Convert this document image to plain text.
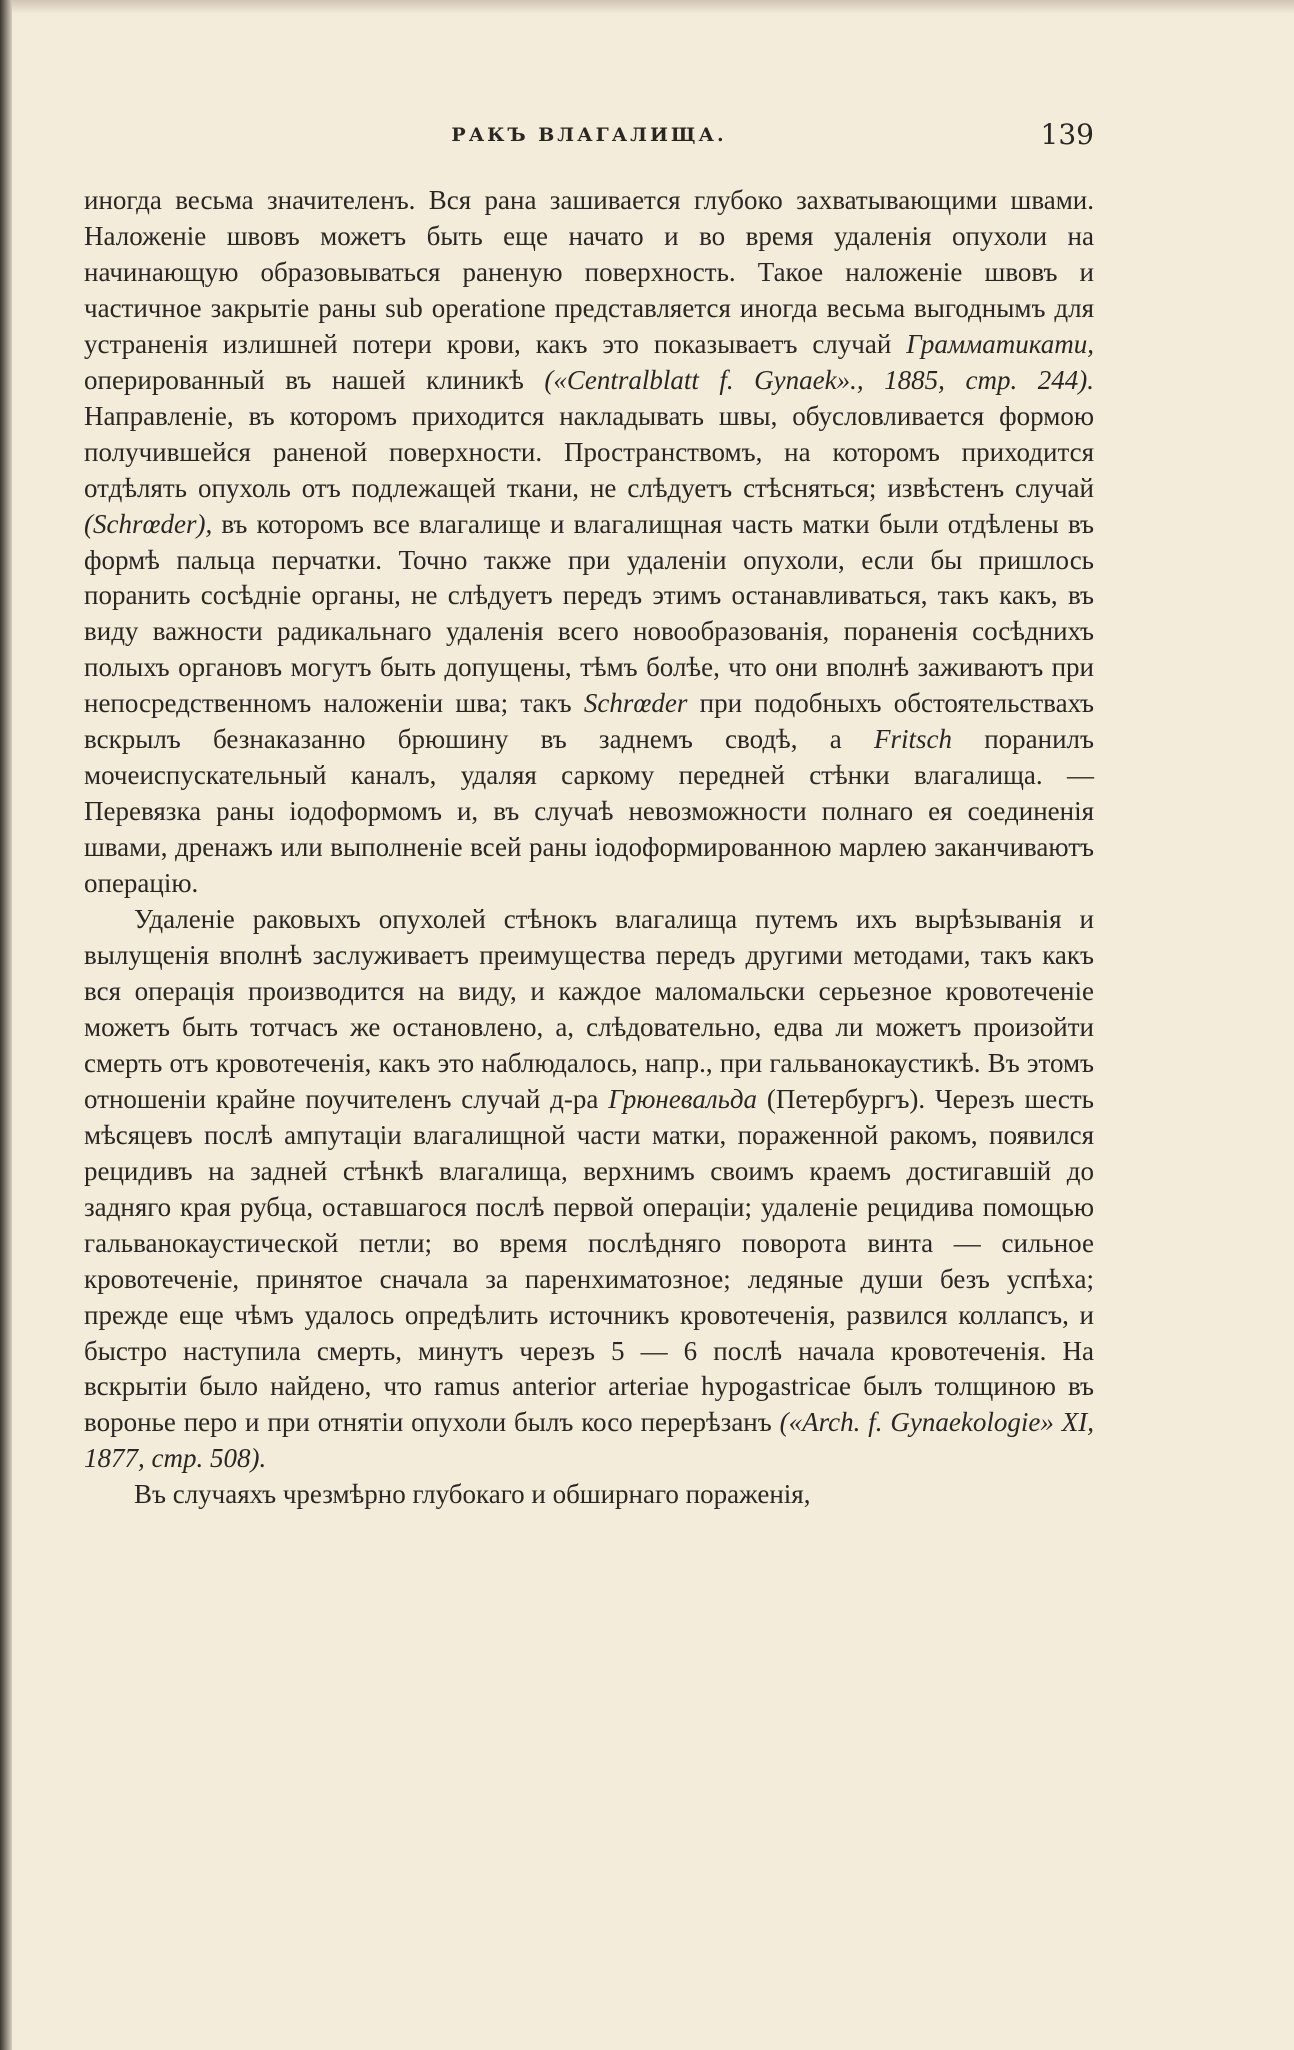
РАКЪ ВЛАГАЛИЩА.	139

иногда весьма значителенъ. Вся рана зашивается глубоко захватывающими швами. Наложеніе швовъ можетъ быть еще начато и во время удаленія опухоли на начинающую образовываться раненую поверхность. Такое наложеніе швовъ и частичное закрытіе раны sub operatione представляется иногда весьма выгоднымъ для устраненія излишней потери крови, какъ это показываетъ случай Грамматикати, оперированный въ нашей клиникѣ («Centralblatt f. Gynaek»., 1885, стр. 244). Направленіе, въ которомъ приходится накладывать швы, обусловливается формою получившейся раненой поверхности. Пространствомъ, на которомъ приходится отдѣлять опухоль отъ подлежащей ткани, не слѣдуетъ стѣсняться; извѣстенъ случай (Schrœder), въ которомъ все влагалище и влагалищная часть матки были отдѣлены въ формѣ пальца перчатки. Точно также при удаленіи опухоли, если бы пришлось поранить сосѣдніе органы, не слѣдуетъ передъ этимъ останавливаться, такъ какъ, въ виду важности радикальнаго удаленія всего новообразованія, пораненія сосѣднихъ полыхъ органовъ могутъ быть допущены, тѣмъ болѣе, что они вполнѣ заживаютъ при непосредственномъ наложеніи шва; такъ Schrœder при подобныхъ обстоятельствахъ вскрылъ безнаказанно брюшину въ заднемъ сводѣ, а Fritsch поранилъ мочеиспускательный каналъ, удаляя саркому передней стѣнки влагалища. — Перевязка раны іодоформомъ и, въ случаѣ невозможности полнаго ея соединенія швами, дренажъ или выполненіе всей раны іодоформированною марлею заканчиваютъ операцію.

Удаленіе раковыхъ опухолей стѣнокъ влагалища путемъ ихъ вырѣзыванія и вылущенія вполнѣ заслуживаетъ преимущества передъ другими методами, такъ какъ вся операція производится на виду, и каждое маломальски серьезное кровотеченіе можетъ быть тотчасъ же остановлено, а, слѣдовательно, едва ли можетъ произойти смерть отъ кровотеченія, какъ это наблюдалось, напр., при гальванокаустикѣ. Въ этомъ отношеніи крайне поучителенъ случай д-ра Грюневальда (Петербургъ). Черезъ шесть мѣсяцевъ послѣ ампутаціи влагалищной части матки, пораженной ракомъ, появился рецидивъ на задней стѣнкѣ влагалища, верхнимъ своимъ краемъ достигавшій до задняго края рубца, оставшагося послѣ первой операціи; удаленіе рецидива помощью гальванокаустической петли; во время послѣдняго поворота винта — сильное кровотеченіе, принятое сначала за паренхиматозное; ледяные души безъ успѣха; прежде еще чѣмъ удалось опредѣлить источникъ кровотеченія, развился коллапсъ, и быстро наступила смерть, минутъ черезъ 5 — 6 послѣ начала кровотеченія. На вскрытіи было найдено, что ramus anterior arteriae hypogastricae былъ толщиною въ воронье перо и при отнятіи опухоли былъ косо перерѣзанъ («Arch. f. Gynaekologie» XI, 1877, стр. 508).

Въ случаяхъ чрезмѣрно глубокаго и обширнаго пораженія,
